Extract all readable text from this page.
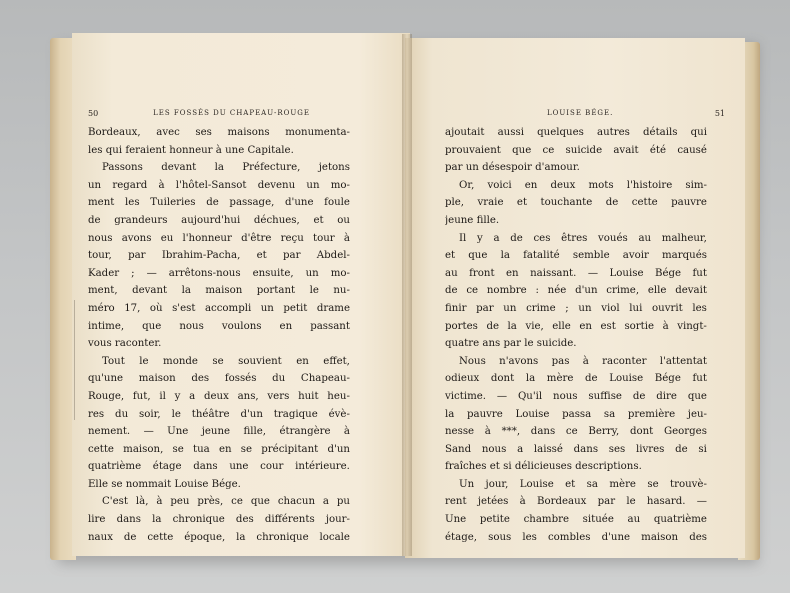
50	LES FOSSÉS DU CHAPEAU-ROUGE
Bordeaux, avec ses maisons monumenta-
les qui feraient honneur à une Capitale.
Passons devant la Préfecture, jetons
un regard à l'hôtel-Sansot devenu un mo-
ment les Tuileries de passage, d'une foule
de grandeurs aujourd'hui déchues, et ou
nous avons eu l'honneur d'être reçu tour à
tour, par Ibrahim-Pacha, et par Abdel-
Kader ; — arrêtons-nous ensuite, un mo-
ment, devant la maison portant le nu-
méro 17, où s'est accompli un petit drame
intime, que nous voulons en passant
vous raconter.
Tout le monde se souvient en effet,
qu'une maison des fossés du Chapeau-
Rouge, fut, il y a deux ans, vers huit heu-
res du soir, le théâtre d'un tragique évè-
nement. — Une jeune fille, étrangère à
cette maison, se tua en se précipitant d'un
quatrième étage dans une cour intérieure.
Elle se nommait Louise Bége.
C'est là, à peu près, ce que chacun a pu
lire dans la chronique des différents jour-
naux de cette époque, la chronique locale
LOUISE BÉGE.	51
ajoutait aussi quelques autres détails qui
prouvaient que ce suicide avait été causé
par un désespoir d'amour.
Or, voici en deux mots l'histoire sim-
ple, vraie et touchante de cette pauvre
jeune fille.
Il y a de ces êtres voués au malheur,
et que la fatalité semble avoir marqués
au front en naissant. — Louise Bége fut
de ce nombre : née d'un crime, elle devait
finir par un crime ; un viol lui ouvrit les
portes de la vie, elle en est sortie à vingt-
quatre ans par le suicide.
Nous n'avons pas à raconter l'attentat
odieux dont la mère de Louise Bége fut
victime. — Qu'il nous suffise de dire que
la pauvre Louise passa sa première jeu-
nesse à ***, dans ce Berry, dont Georges
Sand nous a laissé dans ses livres de si
fraîches et si délicieuses descriptions.
Un jour, Louise et sa mère se trouvè-
rent jetées à Bordeaux par le hasard. —
Une petite chambre située au quatrième
étage, sous les combles d'une maison des
